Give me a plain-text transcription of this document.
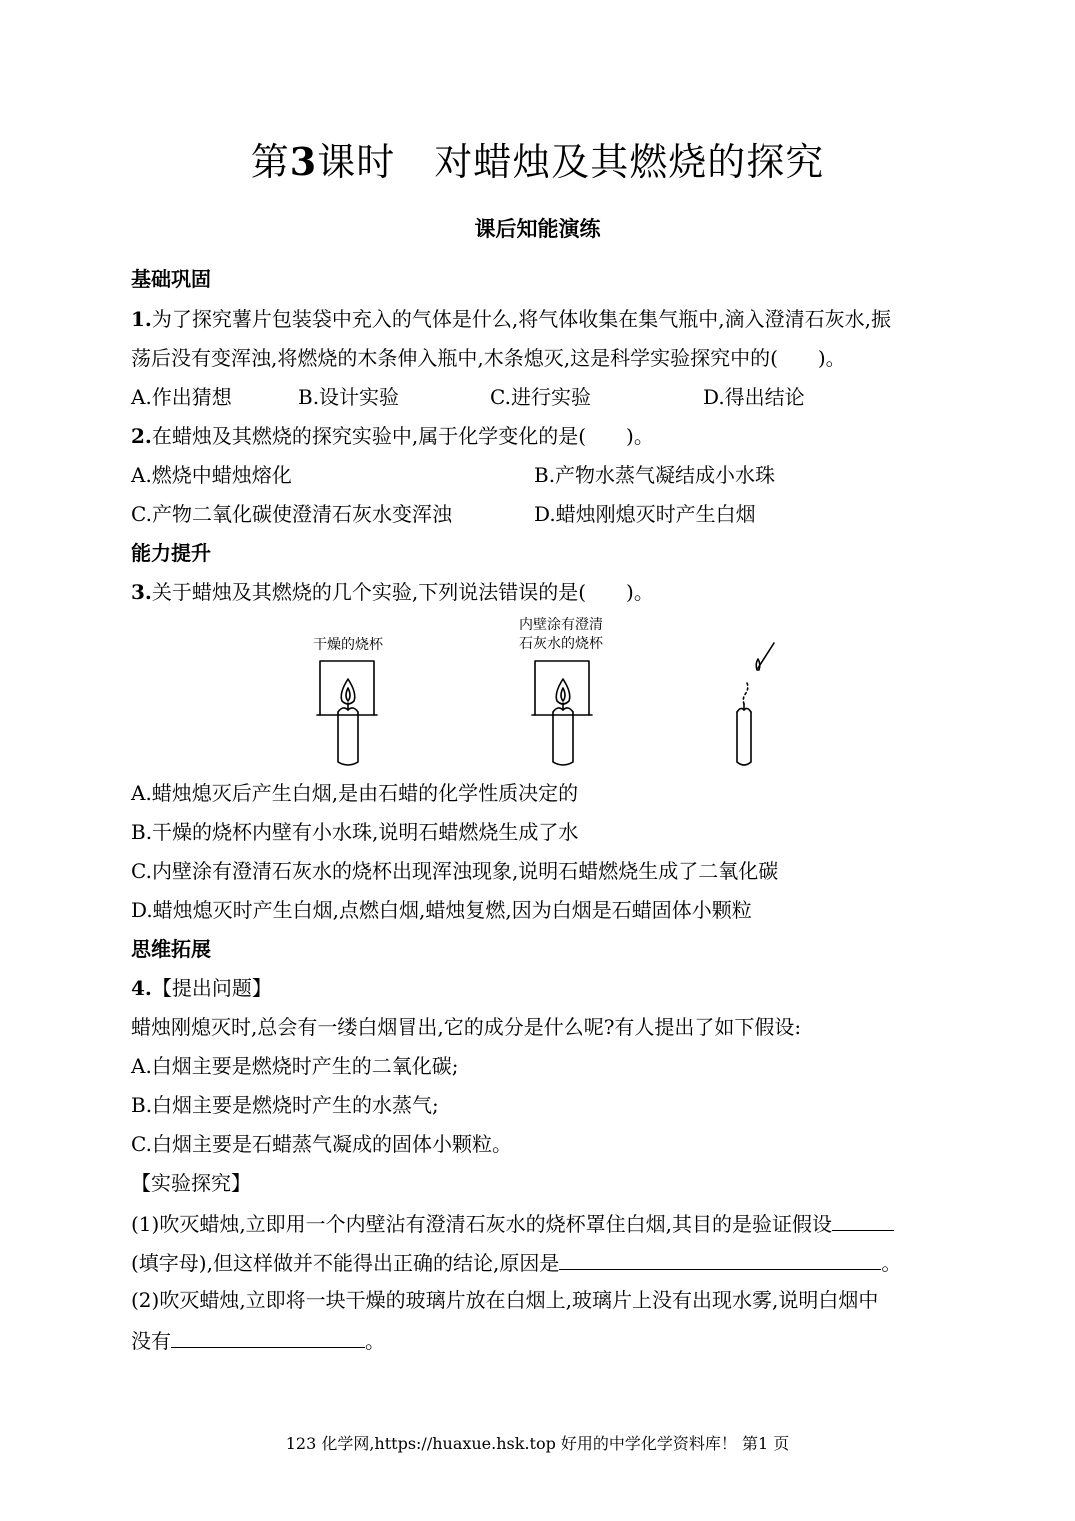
第3课时　对蜡烛及其燃烧的探究
课后知能演练
基础巩固
1.为了探究薯片包装袋中充入的气体是什么,将气体收集在集气瓶中,滴入澄清石灰水,振
荡后没有变浑浊,将燃烧的木条伸入瓶中,木条熄灭,这是科学实验探究中的(　　)。
A.作出猜想	B.设计实验	C.进行实验	D.得出结论
2.在蜡烛及其燃烧的探究实验中,属于化学变化的是(　　)。
A.燃烧中蜡烛熔化	B.产物水蒸气凝结成小水珠
C.产物二氧化碳使澄清石灰水变浑浊	D.蜡烛刚熄灭时产生白烟
能力提升
3.关于蜡烛及其燃烧的几个实验,下列说法错误的是(　　)。
干燥的烧杯
内壁涂有澄清
石灰水的烧杯
A.蜡烛熄灭后产生白烟,是由石蜡的化学性质决定的
B.干燥的烧杯内壁有小水珠,说明石蜡燃烧生成了水
C.内壁涂有澄清石灰水的烧杯出现浑浊现象,说明石蜡燃烧生成了二氧化碳
D.蜡烛熄灭时产生白烟,点燃白烟,蜡烛复燃,因为白烟是石蜡固体小颗粒
思维拓展
4.【提出问题】
蜡烛刚熄灭时,总会有一缕白烟冒出,它的成分是什么呢?有人提出了如下假设:
A.白烟主要是燃烧时产生的二氧化碳;
B.白烟主要是燃烧时产生的水蒸气;
C.白烟主要是石蜡蒸气凝成的固体小颗粒。
【实验探究】
(1)吹灭蜡烛,立即用一个内壁沾有澄清石灰水的烧杯罩住白烟,其目的是验证假设
(填字母),但这样做并不能得出正确的结论,原因是	。
(2)吹灭蜡烛,立即将一块干燥的玻璃片放在白烟上,玻璃片上没有出现水雾,说明白烟中
没有	。
123 化学网,https://huaxue.hsk.top 好用的中学化学资料库！ 第1 页
